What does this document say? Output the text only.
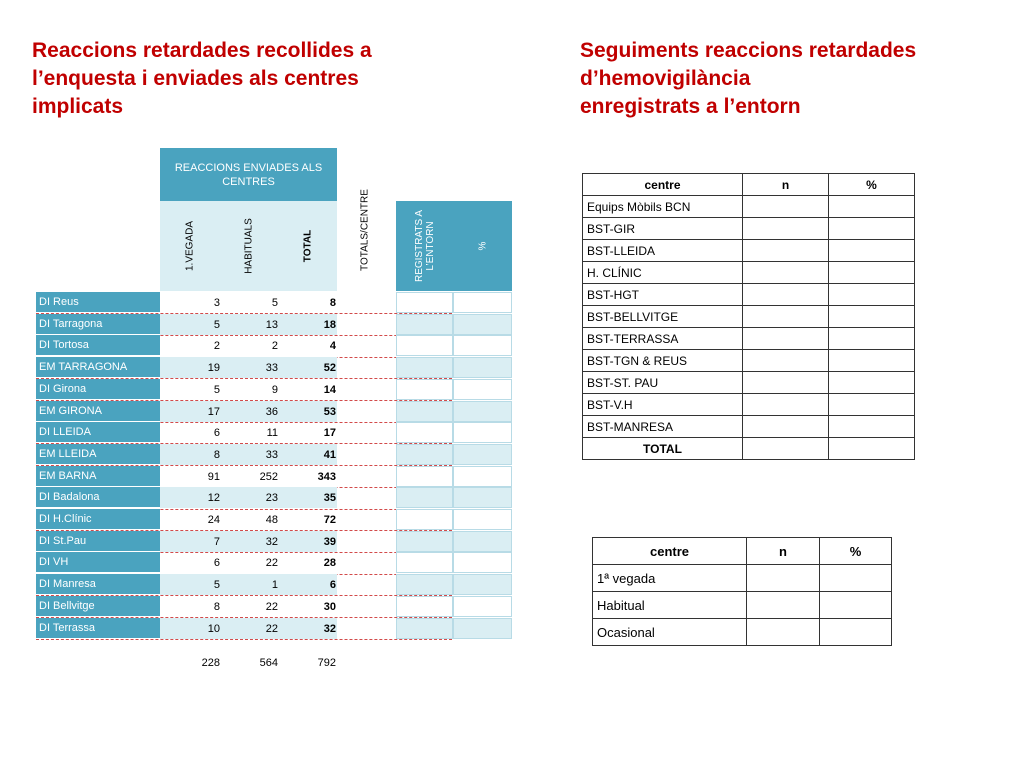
Reaccions retardades recollides a
l’enquesta i enviades als centres
implicats
Seguiments reaccions retardades
d’hemovigilància
enregistrats a l’entorn
REACCIONS ENVIADES ALS CENTRES
1.VEGADA	HABITUALS	TOTAL	TOTALS/CENTRE	REGISTRATS A L’ENTORN	%
DI Reus	3	5	8
DI Tarragona	5	13	18
DI Tortosa	2	2	4
EM TARRAGONA	19	33	52
DI Girona	5	9	14
EM GIRONA	17	36	53
DI LLEIDA	6	11	17
EM LLEIDA	8	33	41
EM BARNA	91	252	343
DI Badalona	12	23	35
DI H.Clínic	24	48	72
DI St.Pau	7	32	39
DI VH	6	22	28
DI Manresa	5	1	6
DI Bellvitge	8	22	30
DI Terrassa	10	22	32
228	564	792
centre	n	%
Equips Mòbils BCN		
BST-GIR		
BST-LLEIDA		
H. CLÍNIC		
BST-HGT		
BST-BELLVITGE		
BST-TERRASSA		
BST-TGN & REUS		
BST-ST. PAU		
BST-V.H		
BST-MANRESA		
TOTAL		
centre	n	%
1ª vegada		
Habitual		
Ocasional		
